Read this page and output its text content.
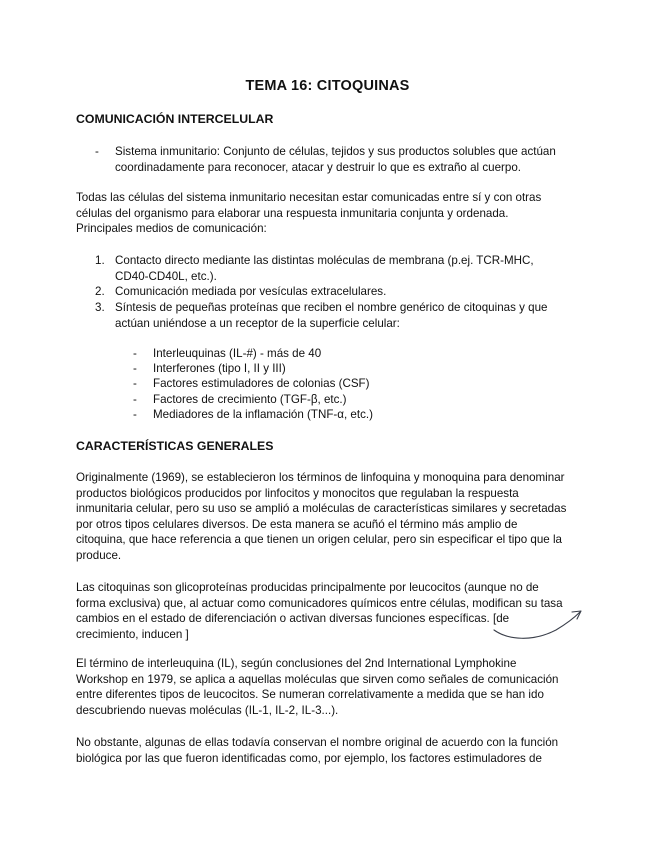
TEMA 16: CITOQUINAS
COMUNICACIÓN INTERCELULAR
- Sistema inmunitario: Conjunto de células, tejidos y sus productos solubles que actúan
coordinadamente para reconocer, atacar y destruir lo que es extraño al cuerpo.

Todas las células del sistema inmunitario necesitan estar comunicadas entre sí y con otras
células del organismo para elaborar una respuesta inmunitaria conjunta y ordenada.
Principales medios de comunicación:

1. Contacto directo mediante las distintas moléculas de membrana (p.ej. TCR-MHC,
CD40-CD40L, etc.).
2. Comunicación mediada por vesículas extracelulares.
3. Síntesis de pequeñas proteínas que reciben el nombre genérico de citoquinas y que
actúan uniéndose a un receptor de la superficie celular:
- Interleuquinas (IL-#) - más de 40
- Interferones (tipo I, II y III)
- Factores estimuladores de colonias (CSF)
- Factores de crecimiento (TGF-β, etc.)
- Mediadores de la inflamación (TNF-α, etc.)
CARACTERÍSTICAS GENERALES

Originalmente (1969), se establecieron los términos de linfoquina y monoquina para denominar
productos biológicos producidos por linfocitos y monocitos que regulaban la respuesta
inmunitaria celular, pero su uso se amplió a moléculas de características similares y secretadas
por otros tipos celulares diversos. De esta manera se acuñó el término más amplio de
citoquina, que hace referencia a que tienen un origen celular, pero sin especificar el tipo que la
produce.

Las citoquinas son glicoproteínas producidas principalmente por leucocitos (aunque no de
forma exclusiva) que, al actuar como comunicadores químicos entre células, modifican su tasa
cambios en el estado de diferenciación o activan diversas funciones específicas. [de
crecimiento, inducen ]

El término de interleuquina (IL), según conclusiones del 2nd International Lymphokine
Workshop en 1979, se aplica a aquellas moléculas que sirven como señales de comunicación
entre diferentes tipos de leucocitos. Se numeran correlativamente a medida que se han ido
descubriendo nuevas moléculas (IL-1, IL-2, IL-3...).

No obstante, algunas de ellas todavía conservan el nombre original de acuerdo con la función
biológica por las que fueron identificadas como, por ejemplo, los factores estimuladores de
